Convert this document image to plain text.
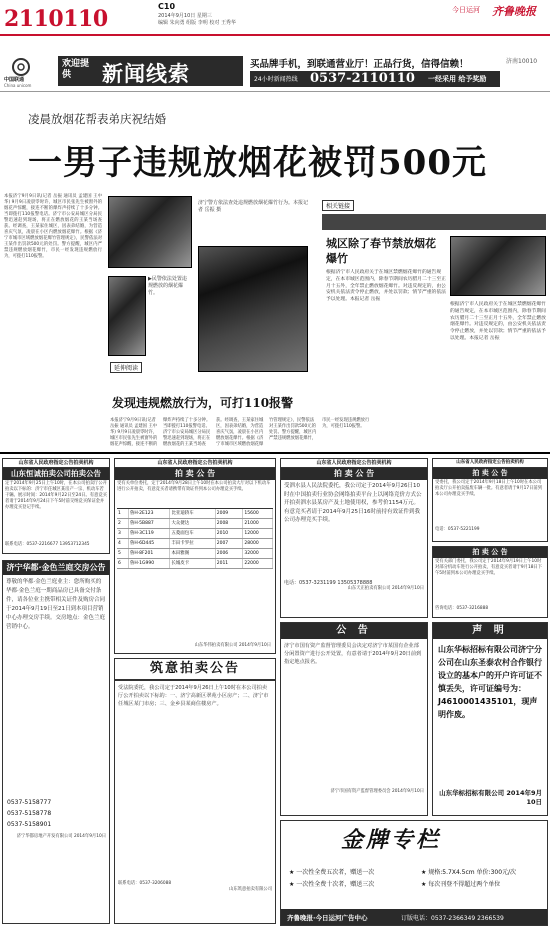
2110110	C10
2014年9月10日 星期三
编辑 朱向勇 组版 李明 校对 王秀华
今日运河 齐鲁晚报
中国联通
China unicom
欢迎提供	新闻线索	买品牌手机，到联通营业厅！正品行货，信得信赖！
24小时新闻热线 0537-2110110 一经采用 给予奖励
济南10010
凌晨放烟花帮表弟庆祝结婚
一男子违规放烟花被罚500元
本报济宁9月9日讯(记者 岳振 通讯员 孟建国 王中华) 9月9日凌晨零时许，城区市民张先生被窗外的烟花声惊醒，接连不断的爆炸声持续了十多分钟。当即拨打110报警电话。济宁市公安局城区分局民警迅速赶到现场，将正在燃放烟花的王某当场查获。经调查，王某家住城区，因表弟结婚，为营造喜庆气氛，凌晨在小区内燃放烟花爆竹。根据《济宁市城市区域燃放烟花爆竹管理规定》，民警依法对王某作出罚款500元的处罚。警方提醒，城区内严禁违规燃放烟花爆竹，市民一经发现违规燃放行为，可拨打110报警。
▶民警依法处置违规燃放的烟花爆竹。
济宁警方依法查处违规燃放烟花爆竹行为。本报记者 岳振 摄
延伸阅读
发现违规燃放行为，可打110报警
本报济宁9月9日讯(记者 岳振 通讯员 孟建国 王中华) 9月9日凌晨零时许，城区市民张先生被窗外的烟花声惊醒，接连不断的爆炸声持续了十多分钟。当即拨打110报警电话。济宁市公安局城区分局民警迅速赶到现场，将正在燃放烟花的王某当场查获。经调查，王某家住城区，因表弟结婚，为营造喜庆气氛，凌晨在小区内燃放烟花爆竹。根据《济宁市城市区域燃放烟花爆竹管理规定》，民警依法对王某作出罚款500元的处罚。警方提醒，城区内严禁违规燃放烟花爆竹，市民一经发现违规燃放行为，可拨打110报警。
相关链接
城区除了春节禁放烟花爆竹
根据济宁市人民政府关于在城区禁燃烟花爆竹的通告规定，在本市城区范围内，除春节期间农历腊月二十三至正月十五外，全年禁止燃放烟花爆竹。对违反规定的，由公安机关依法责令停止燃放，并处以罚款；情节严重的依法予以处理。本报记者 岳振
根据济宁市人民政府关于在城区禁燃烟花爆竹的通告规定，在本市城区范围内，除春节期间农历腊月二十三至正月十五外，全年禁止燃放烟花爆竹。对违反规定的，由公安机关依法责令停止燃放，并处以罚款；情节严重的依法予以处理。本报记者 岳振
山东省人民政府指定公告拍卖机构
山东恒诚拍卖公司拍卖公告
定于2014年9月25日上午10时，在本公司拍卖厅公开拍卖以下标的：济宁市任城区某房产一宗、机动车若干辆。展示时间：2014年9月22日至24日。有意竞买者请于2014年9月24日下午5时前交纳竞买保证金并办理竞买登记手续。
联系电话：0537-2216677 13953712345
济宁华都·金色兰庭交房公告
尊敬的华都·金色兰庭业主：您所购买的华都·金色兰庭一期商品房已具备交付条件，请各位业主携带相关证件及购房合同于2014年9月19日至21日到本项目营销中心办理交房手续。交房地点：金色兰庭营销中心。
0537-5158777
0537-5158778
0537-5158901
济宁华都房地产开发有限公司 2014年9月10日
山东省人民政府指定公告拍卖机构
拍 卖 公 告
受有关单位委托，定于2014年9月28日上午10时在本公司拍卖大厅对以下机动车进行公开拍卖，有意竞买者请携带有效证件到本公司办理竞买手续。
1	鲁H·2E123	比亚迪轿车	2009	15600
2	鲁H·5B887	大众捷达	2008	21000
3	鲁H·3C119	五菱面包车	2010	12000
4	鲁H·6D445	丰田卡罗拉	2007	28000
5	鲁H·8F201	本田雅阁	2006	32000
6	鲁H·1G990	长城皮卡	2011	22000
山东华伟拍卖有限公司 2014年9月10日
山东省人民政府指定公告拍卖机构
拍 卖 公 告
受泗水县人民法院委托，我公司定于2014年9月26日10时在中国拍卖行业协会网络拍卖平台上以网络竞价方式公开拍卖泗水县某房产及土地使用权，参考价1154万元。有意竞买者请于2014年9月25日16时前持有效证件到我公司办理竞买手续。
电话：0537-3231199 13505378888
山东天正拍卖有限公司 2014年9月10日
山东省人民政府指定公告拍卖机构
拍 卖 公 告
受委托，我公司定于2014年9月18日上午10时在本公司拍卖厅公开拍卖报废车辆一批。有意者请于9月17日前到本公司办理竞买手续。
电话：0537-5221199
拍 卖 公 告
受有关部门委托，我公司定于2014年9月19日上午10时对部分机动车进行公开拍卖，有意竞买者请于9月18日下午5时前到本公司办理竞买手续。
咨询电话：0537-3216888
筑意拍卖公告
受法院委托，我公司定于2014年9月26日上午10时在本公司拍卖厅公开拍卖以下标的：一、济宁高新区翠苑小区房产；二、济宁市任城区某门市房；三、金乡县某商住楼房产。
联系电话：0537-3206088
山东筑意拍卖有限公司
公 告
济宁市国有资产监督管理委员会决定对济宁市某国有企业部分闲置资产进行公开处置，有意者请于2014年9月20日前到指定地点报名。
济宁市国有资产监督管理委员会 2014年9月10日
声 明
山东华标招标有限公司济宁分公司在山东圣泰农村合作银行设立的基本户的开户许可证不慎丢失，许可证编号为：J4610001435101，现声明作废。
山东华标招标有限公司 2014年9月10日
金牌专栏
★ 一次性全费五次者，赠送一次
★ 一次性全费十次者，赠送三次
★ 规格:5.7X4.5cm 单价:300元/次
★ 每次刊登不得超过两个单位
齐鲁晚报·今日运河广告中心	订版电话：0537-2366349 2366539
